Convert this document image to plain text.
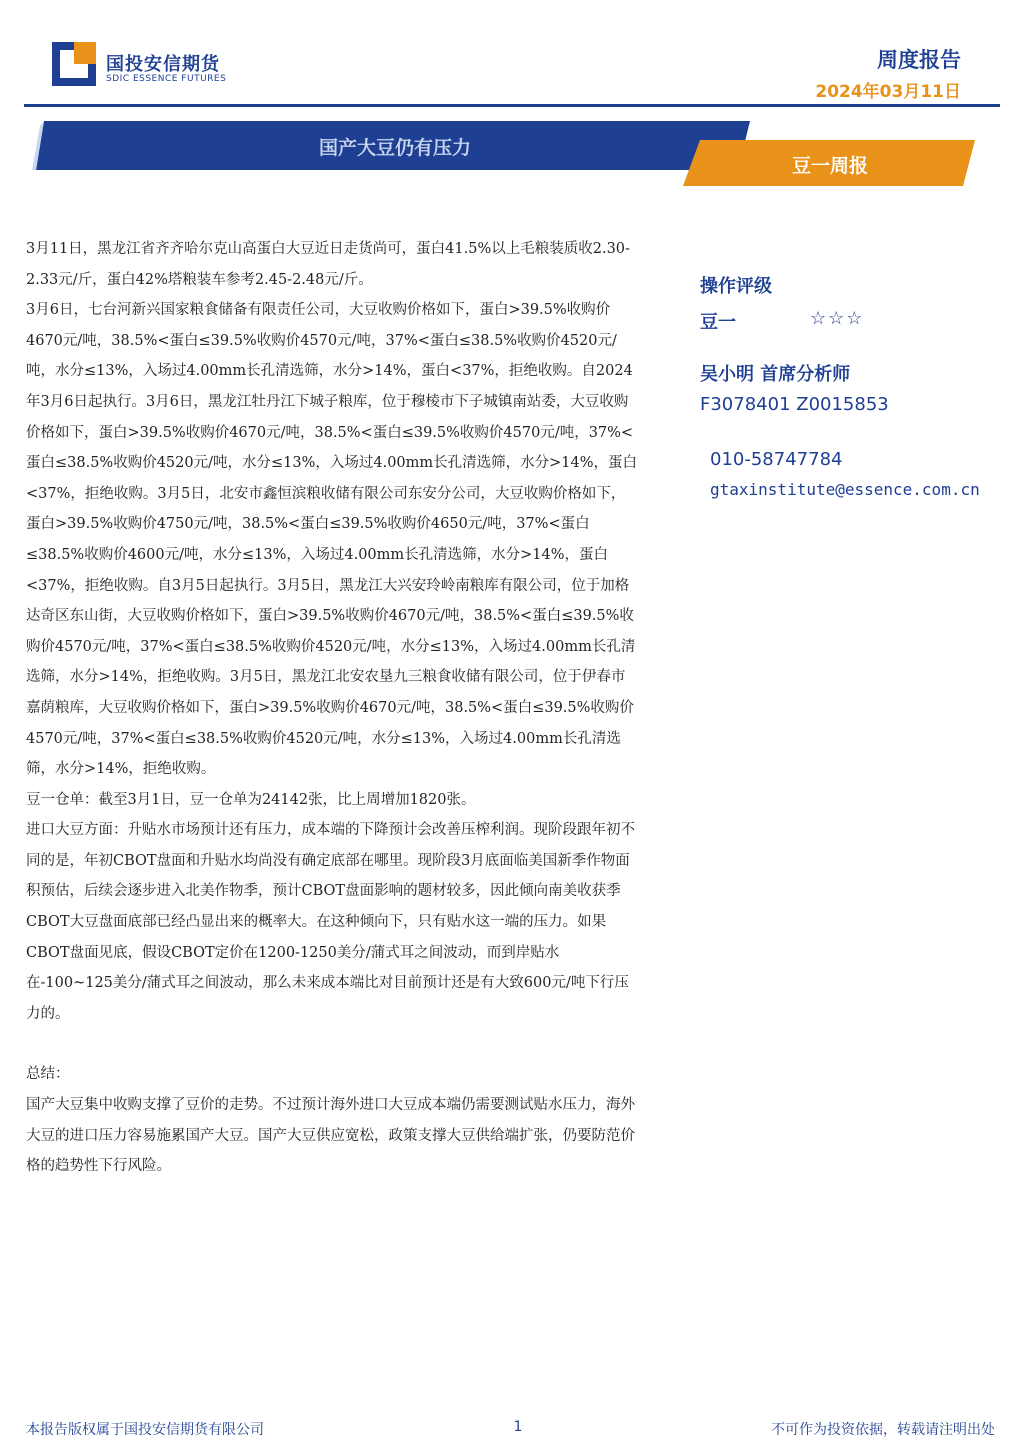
国投安信期货
SDIC ESSENCE FUTURES
周度报告
2024年03月11日
国产大豆仍有压力
豆一周报

3月11日，黑龙江省齐齐哈尔克山高蛋白大豆近日走货尚可，蛋白41.5%以上毛粮装质收2.30-2.33元/斤，蛋白42%塔粮装车参考2.45-2.48元/斤。

3月6日，七台河新兴国家粮食储备有限责任公司，大豆收购价格如下，蛋白>39.5%收购价4670元/吨，38.5%<蛋白≤39.5%收购价4570元/吨，37%<蛋白≤38.5%收购价4520元/吨，水分≤13%，入场过4.00mm长孔清选筛，水分>14%，蛋白<37%，拒绝收购。自2024年3月6日起执行。3月6日，黑龙江牡丹江下城子粮库，位于穆棱市下子城镇南站委，大豆收购价格如下，蛋白>39.5%收购价4670元/吨，38.5%<蛋白≤39.5%收购价4570元/吨，37%<蛋白≤38.5%收购价4520元/吨，水分≤13%，入场过4.00mm长孔清选筛，水分>14%，蛋白<37%，拒绝收购。3月5日，北安市鑫恒滨粮收储有限公司东安分公司，大豆收购价格如下，蛋白>39.5%收购价4750元/吨，38.5%<蛋白≤39.5%收购价4650元/吨，37%<蛋白≤38.5%收购价4600元/吨，水分≤13%，入场过4.00mm长孔清选筛，水分>14%，蛋白<37%，拒绝收购。自3月5日起执行。3月5日，黑龙江大兴安玲岭南粮库有限公司，位于加格达奇区东山街，大豆收购价格如下，蛋白>39.5%收购价4670元/吨，38.5%<蛋白≤39.5%收购价4570元/吨，37%<蛋白≤38.5%收购价4520元/吨，水分≤13%，入场过4.00mm长孔清选筛，水分>14%，拒绝收购。3月5日，黑龙江北安农垦九三粮食收储有限公司，位于伊春市嘉荫粮库，大豆收购价格如下，蛋白>39.5%收购价4670元/吨，38.5%<蛋白≤39.5%收购价4570元/吨，37%<蛋白≤38.5%收购价4520元/吨，水分≤13%，入场过4.00mm长孔清选筛，水分>14%，拒绝收购。

豆一仓单：截至3月1日，豆一仓单为24142张，比上周增加1820张。

进口大豆方面：升贴水市场预计还有压力，成本端的下降预计会改善压榨利润。现阶段跟年初不同的是，年初CBOT盘面和升贴水均尚没有确定底部在哪里。现阶段3月底面临美国新季作物面积预估，后续会逐步进入北美作物季，预计CBOT盘面影响的题材较多，因此倾向南美收获季CBOT大豆盘面底部已经凸显出来的概率大。在这种倾向下，只有贴水这一端的压力。如果CBOT盘面见底，假设CBOT定价在1200-1250美分/蒲式耳之间波动，而到岸贴水在-100~125美分/蒲式耳之间波动，那么未来成本端比对目前预计还是有大致600元/吨下行压力的。

总结：

国产大豆集中收购支撑了豆价的走势。不过预计海外进口大豆成本端仍需要测试贴水压力，海外大豆的进口压力容易施累国产大豆。国产大豆供应宽松，政策支撑大豆供给端扩张，仍要防范价格的趋势性下行风险。

操作评级
豆一	☆☆☆
吴小明 首席分析师
F3078401 Z0015853
010-58747784
gtaxinstitute@essence.com.cn
本报告版权属于国投安信期货有限公司	1	不可作为投资依据，转载请注明出处
